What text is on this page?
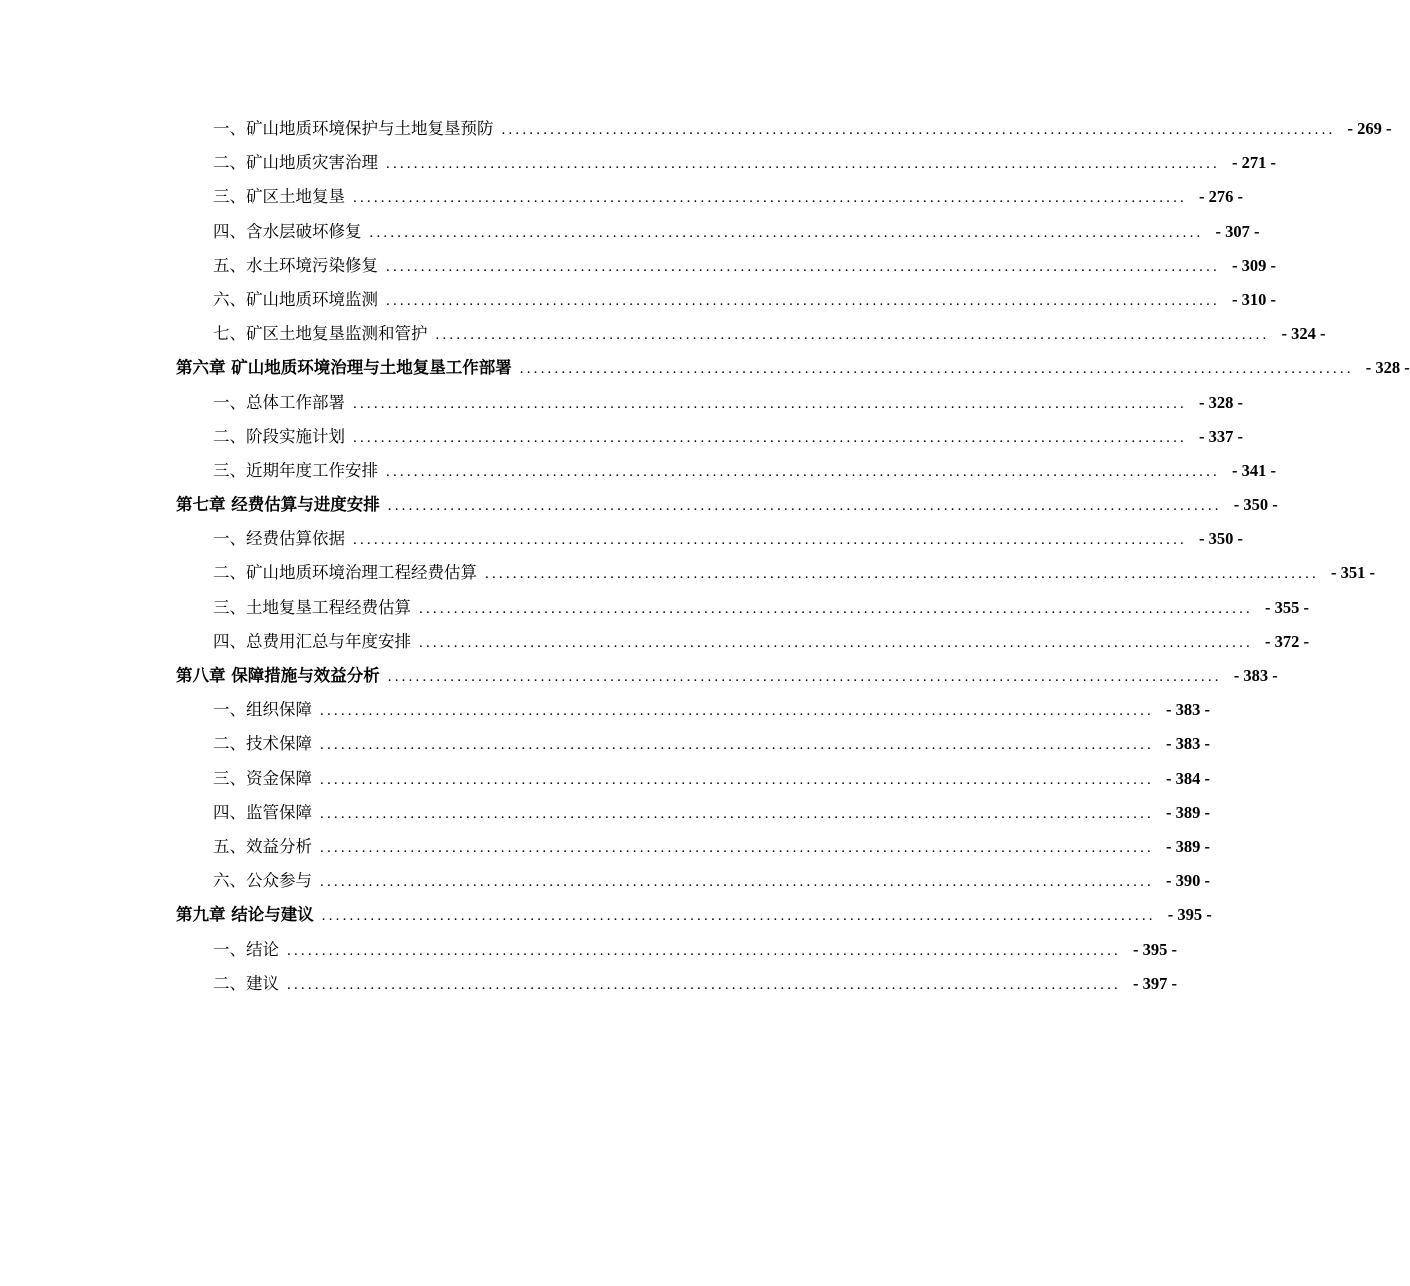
一、矿山地质环境保护与土地复垦预防 ........................................................................................................................ - 269 -
二、矿山地质灾害治理 ........................................................................................................................ - 271 -
三、矿区土地复垦 ........................................................................................................................ - 276 -
四、含水层破坏修复 ........................................................................................................................ - 307 -
五、水土环境污染修复 ........................................................................................................................ - 309 -
六、矿山地质环境监测 ........................................................................................................................ - 310 -
七、矿区土地复垦监测和管护 ........................................................................................................................ - 324 -
第六章 矿山地质环境治理与土地复垦工作部署 ........................................................................................................................ - 328 -
一、总体工作部署 ........................................................................................................................ - 328 -
二、阶段实施计划 ........................................................................................................................ - 337 -
三、近期年度工作安排 ........................................................................................................................ - 341 -
第七章 经费估算与进度安排 ........................................................................................................................ - 350 -
一、经费估算依据 ........................................................................................................................ - 350 -
二、矿山地质环境治理工程经费估算 ........................................................................................................................ - 351 -
三、土地复垦工程经费估算 ........................................................................................................................ - 355 -
四、总费用汇总与年度安排 ........................................................................................................................ - 372 -
第八章 保障措施与效益分析 ........................................................................................................................ - 383 -
一、组织保障 ........................................................................................................................ - 383 -
二、技术保障 ........................................................................................................................ - 383 -
三、资金保障 ........................................................................................................................ - 384 -
四、监管保障 ........................................................................................................................ - 389 -
五、效益分析 ........................................................................................................................ - 389 -
六、公众参与 ........................................................................................................................ - 390 -
第九章 结论与建议 ........................................................................................................................ - 395 -
一、结论 ........................................................................................................................ - 395 -
二、建议 ........................................................................................................................ - 397 -
